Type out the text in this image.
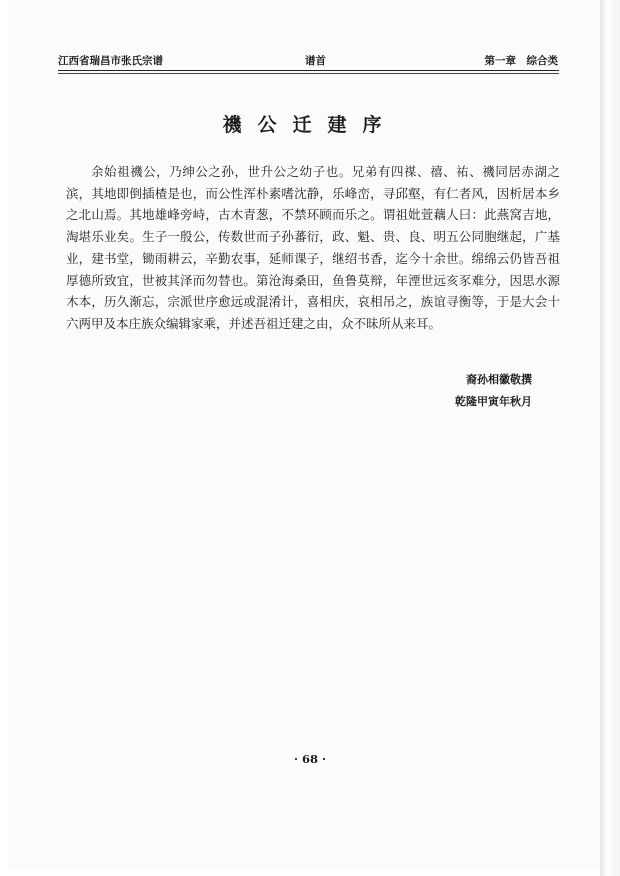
江西省瑞昌市张氏宗谱	谱首	第一章　综合类
禨公迁建序
余始祖禨公，乃绅公之孙，世升公之幼子也。兄弟有四禖、禧、祐、禨同居赤湖之滨，其地即倒插楂是也，而公性浑朴素嗜沈静，乐峰峦，寻邱壑，有仁者风，因析居本乡之北山焉。其地雄峰旁峙，古木青葱，不禁环顾而乐之。谓祖妣萱藕人曰：此燕窝吉地，淘堪乐业矣。生子一殷公，传数世而子孙蕃衍，政、魁、贵、良、明五公同胞继起，广基业，建书堂，锄雨耕云，辛勤农事，延师课子，继绍书香，迄今十余世。绵绵云仍皆吾祖厚德所致宜，世被其泽而勿替也。第沧海桑田，鱼鲁莫辩，年湮世远亥豕难分，因思水源木本，历久渐忘，宗派世序愈远或混淆计，喜相庆，哀相吊之，族谊寻衡等，于是大会十六两甲及本庄族众编辑家乘，并述吾祖迁建之由，众不昧所从来耳。
裔孙相徽敬撰
乾隆甲寅年秋月
· 68 ·
